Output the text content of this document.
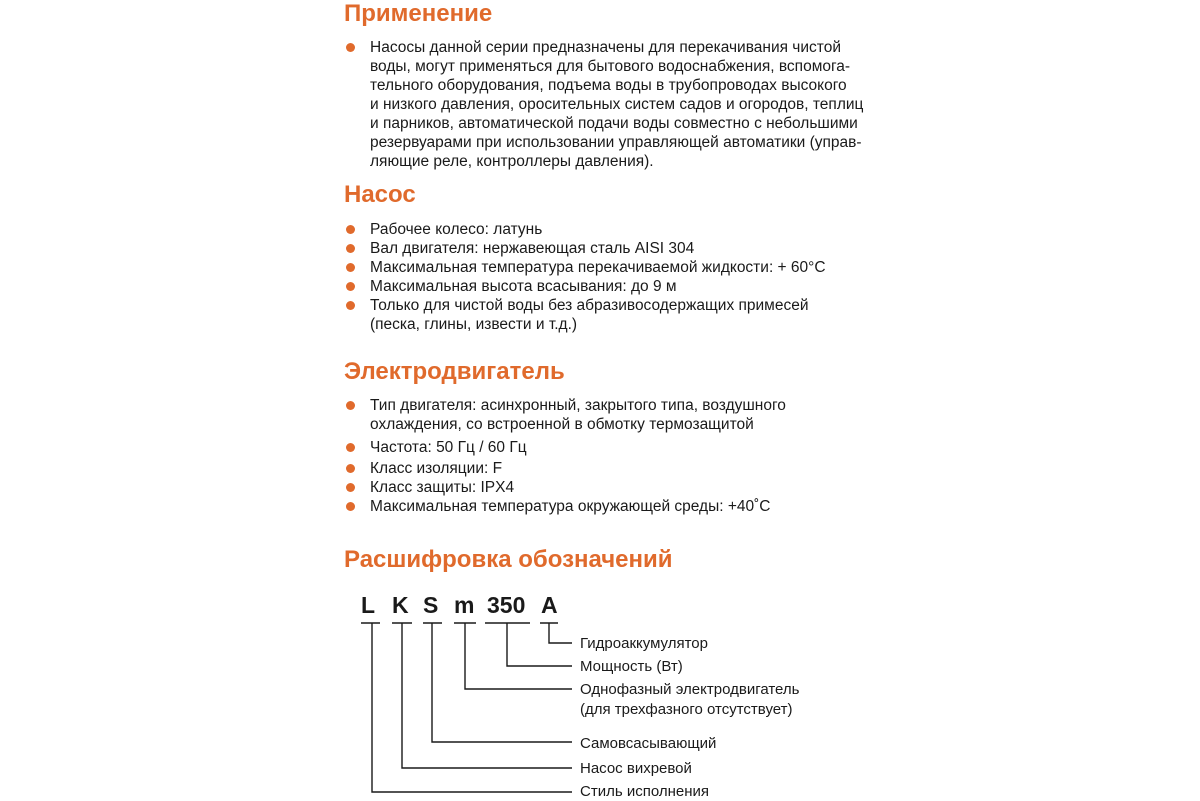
Применение
Насосы данной серии предназначены для перекачивания чистой
воды, могут применяться для бытового водоснабжения, вспомога-
тельного оборудования, подъема воды в трубопроводах высокого
и низкого давления, оросительных систем садов и огородов, теплиц
и парников, автоматической подачи воды совместно с небольшими
резервуарами при использовании управляющей автоматики (управ-
ляющие реле, контроллеры давления).
Насос
Рабочее колесо: латунь
Вал двигателя: нержавеющая сталь AISI 304
Максимальная температура перекачиваемой жидкости: + 60°С
Максимальная высота всасывания: до 9 м
Только для чистой воды без абразивосодержащих примесей
(песка, глины, извести и т.д.)
Электродвигатель
Тип двигателя: асинхронный, закрытого типа, воздушного
охлаждения, со встроенной в обмотку термозащитой
Частота: 50 Гц / 60 Гц
Класс изоляции: F
Класс защиты: IPX4
Максимальная температура окружающей среды: +40˚С
Расшифровка обозначений
L K S m 350 A
Гидроаккумулятор
Мощность (Вт)
Однофазный электродвигатель
(для трехфазного отсутствует)
Самовсасывающий
Насос вихревой
Стиль исполнения
